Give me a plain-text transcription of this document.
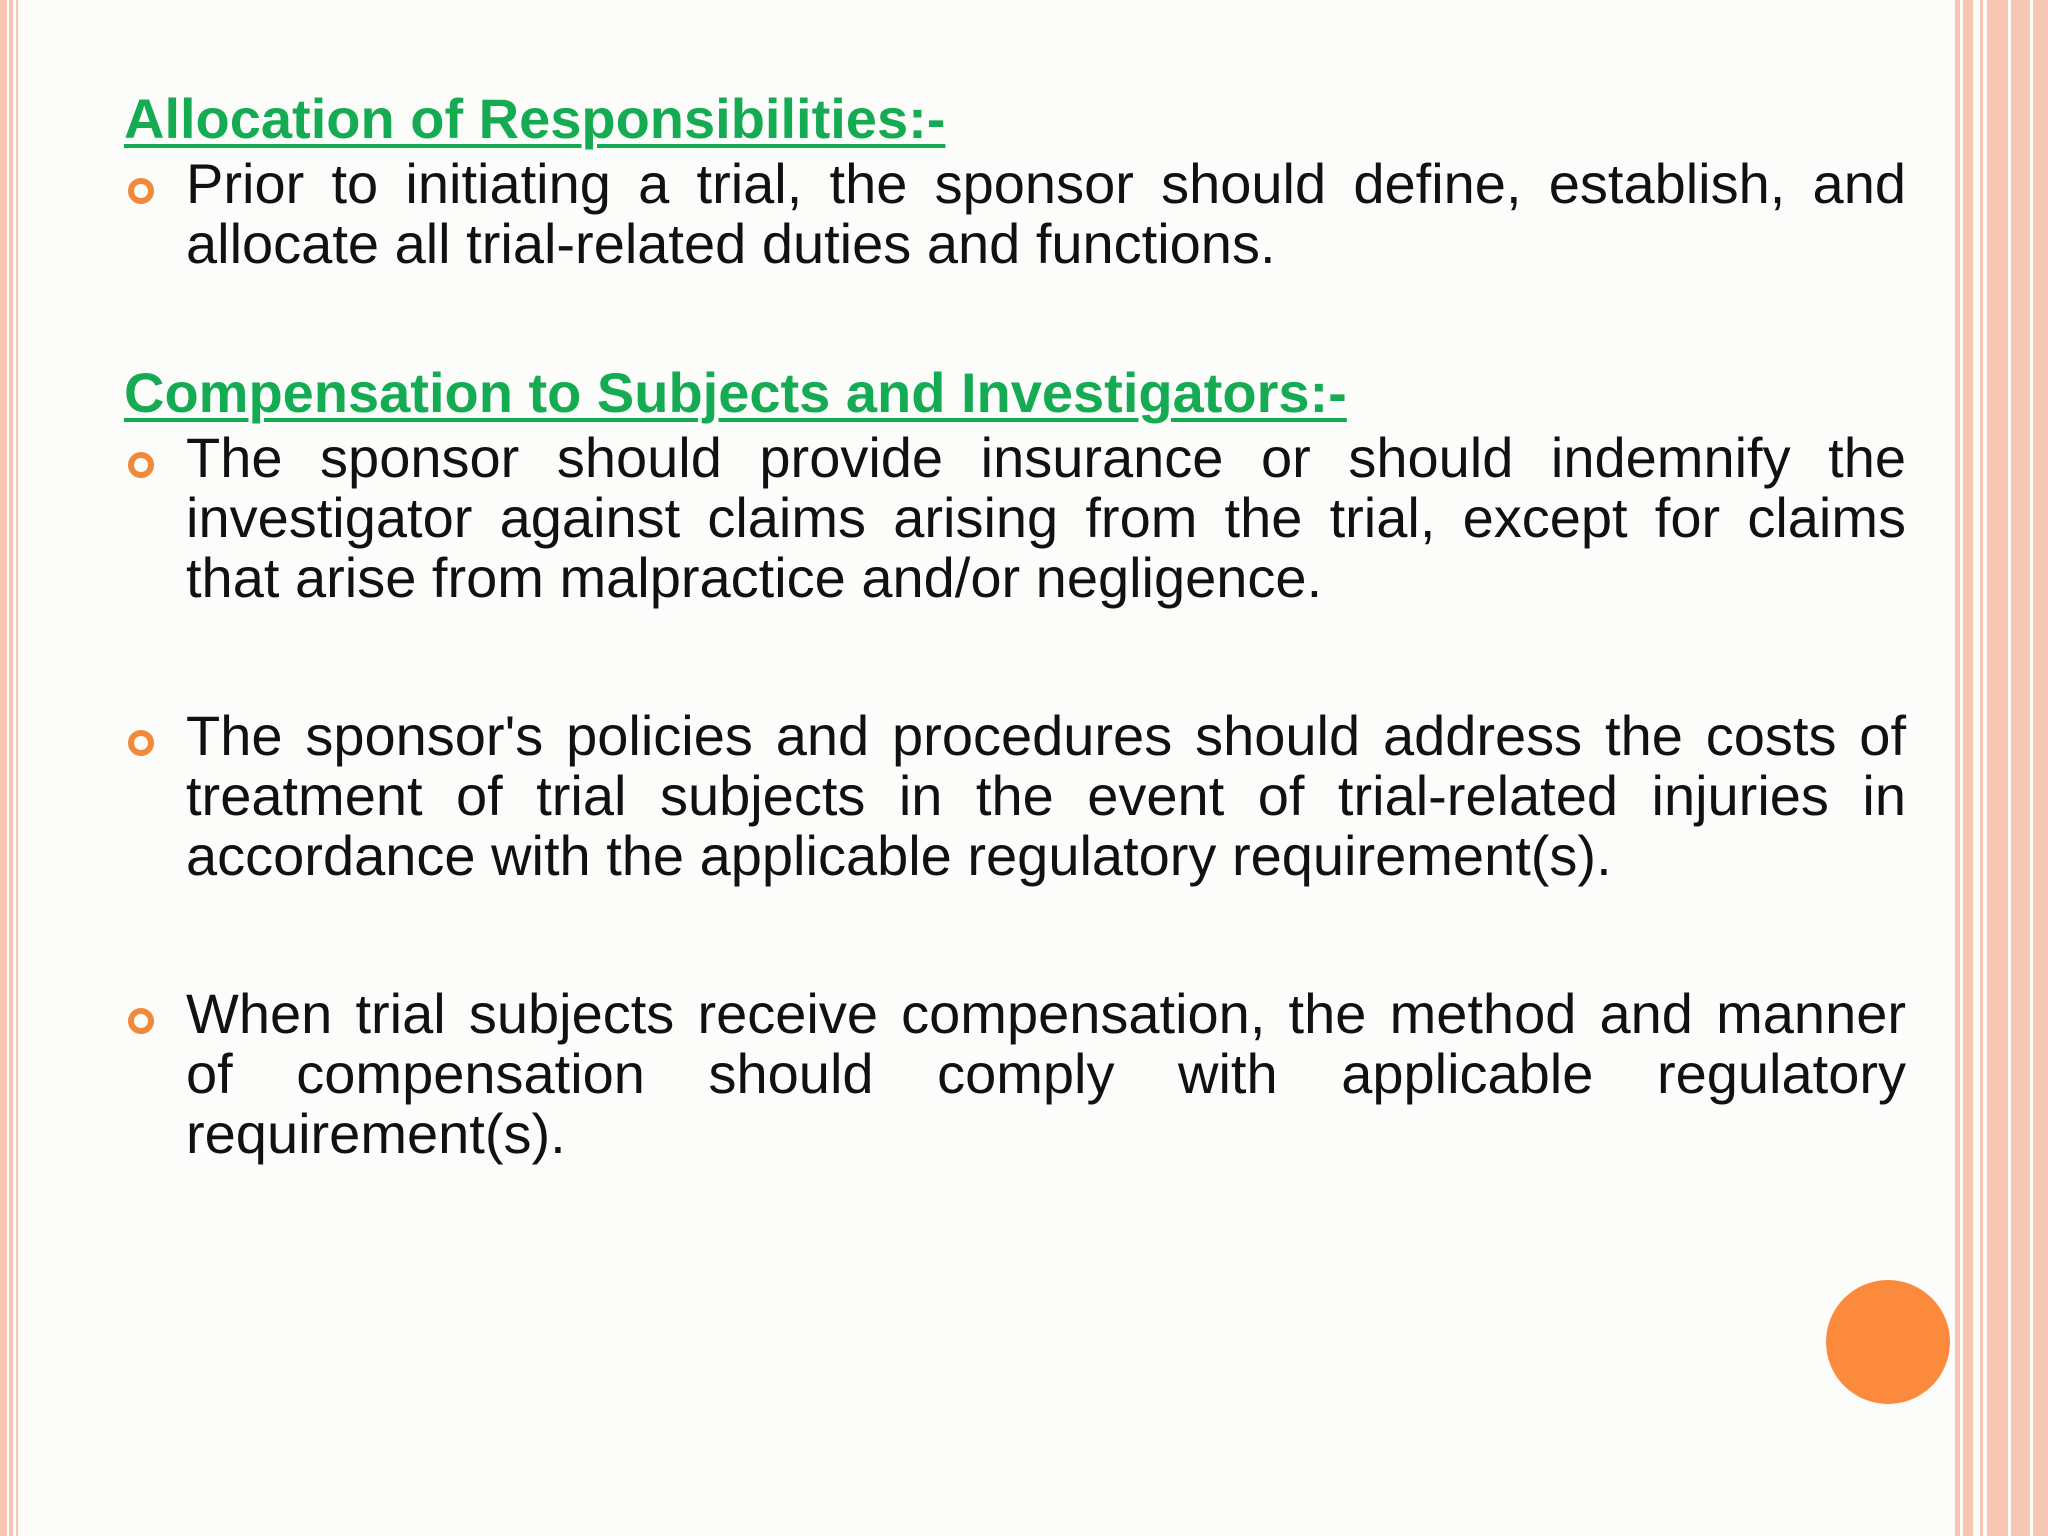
Allocation of Responsibilities:-

Prior to initiating a trial, the sponsor should define, establish, and allocate all trial-related duties and functions.

Compensation to Subjects and Investigators:-

The sponsor should provide insurance or should indemnify the investigator against claims arising from the trial, except for claims that arise from malpractice and/or negligence.

The sponsor's policies and procedures should address the costs of treatment of trial subjects in the event of trial-related injuries in accordance with the applicable regulatory requirement(s).

When trial subjects receive compensation, the method and manner of compensation should comply with applicable regulatory requirement(s).
